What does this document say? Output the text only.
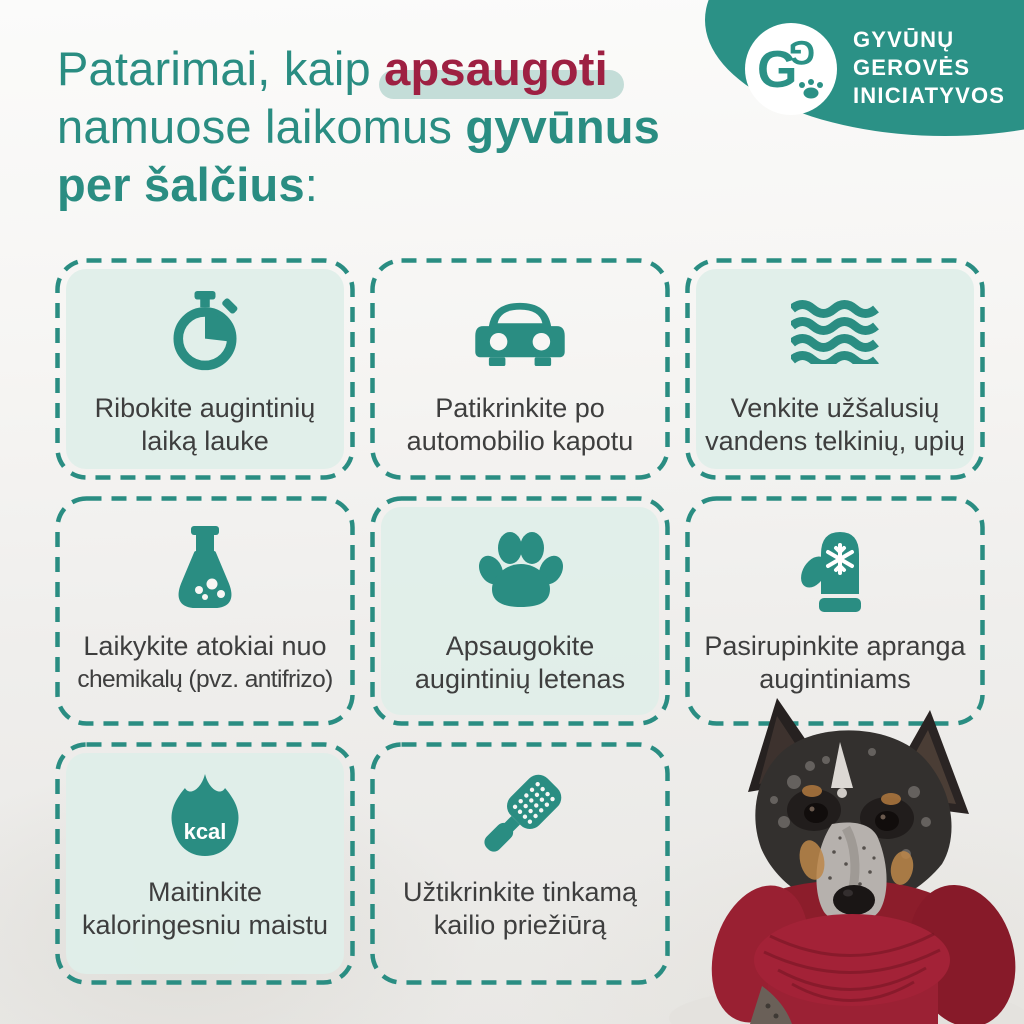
Patarimai, kaip apsaugoti
namuose laikomus gyvūnus
per šalčius:
G
G GYVŪNŲ
GEROVĖS
INICIATYVOS
Ribokite augintinių
laiką lauke
Patikrinkite po
automobilio kapotu
Venkite užšalusių
vandens telkinių, upių
Laikykite atokiai nuo
chemikalų (pvz. antifrizo)
Apsaugokite
augintinių letenas
Pasirupinkite apranga
augintiniams
kcal
Maitinkite
kaloringesniu maistu
Užtikrinkite tinkamą
kailio priežiūrą
